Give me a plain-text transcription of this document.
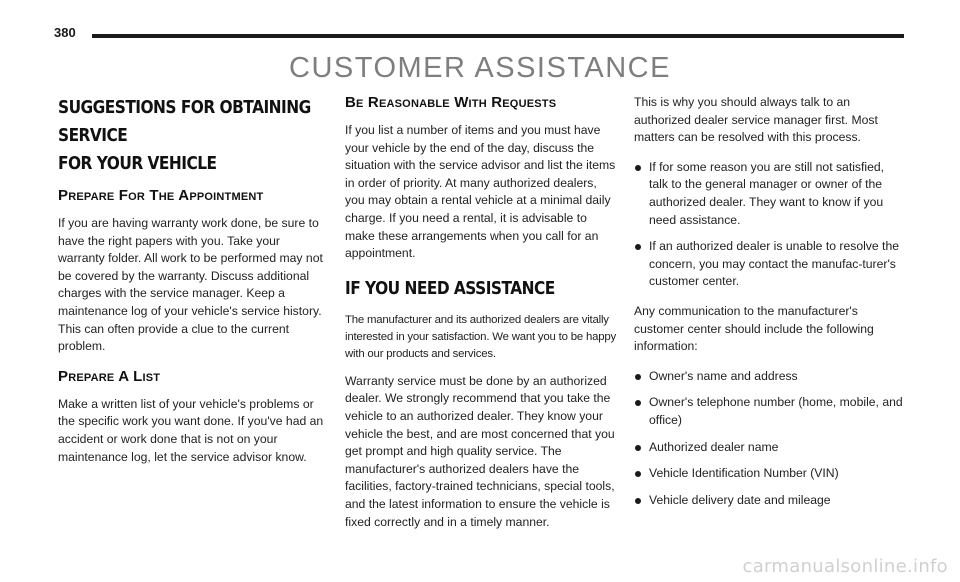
380
CUSTOMER ASSISTANCE
SUGGESTIONS FOR OBTAINING SERVICE
FOR YOUR VEHICLE
Prepare For The Appointment

If you are having warranty work done, be sure to have the right papers with you. Take your warranty folder. All work to be performed may not be covered by the warranty. Discuss additional charges with the service manager. Keep a maintenance log of your vehicle's service history. This can often provide a clue to the current problem.

Prepare A List

Make a written list of your vehicle's problems or the specific work you want done. If you've had an accident or work done that is not on your maintenance log, let the service advisor know.

Be Reasonable With Requests

If you list a number of items and you must have your vehicle by the end of the day, discuss the situation with the service advisor and list the items in order of priority. At many authorized dealers, you may obtain a rental vehicle at a minimal daily charge. If you need a rental, it is advisable to make these arrangements when you call for an appointment.

IF YOU NEED ASSISTANCE

The manufacturer and its authorized dealers are vitally interested in your satisfaction. We want you to be happy with our products and services.

Warranty service must be done by an authorized dealer. We strongly recommend that you take the vehicle to an authorized dealer. They know your vehicle the best, and are most concerned that you get prompt and high quality service. The manufacturer's authorized dealers have the facilities, factory-trained technicians, special tools, and the latest information to ensure the vehicle is fixed correctly and in a timely manner.

This is why you should always talk to an authorized dealer service manager first. Most matters can be resolved with this process.

If for some reason you are still not satisfied, talk to the general manager or owner of the authorized dealer. They want to know if you need assistance.
If an authorized dealer is unable to resolve the concern, you may contact the manufac-turer's customer center.

Any communication to the manufacturer's customer center should include the following information:

Owner's name and address
Owner's telephone number (home, mobile, and office)
Authorized dealer name
Vehicle Identification Number (VIN)
Vehicle delivery date and mileage
carmanualsonline.info
